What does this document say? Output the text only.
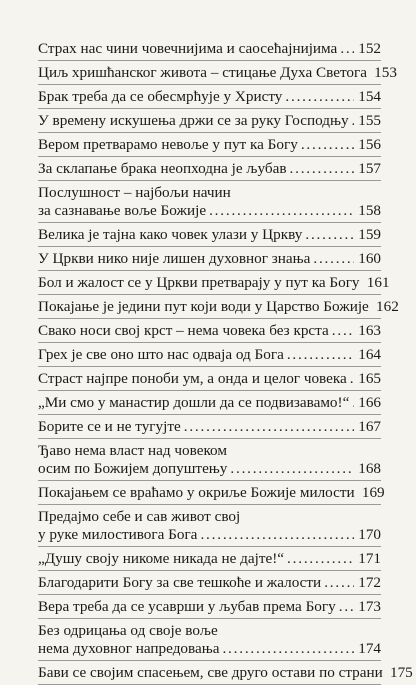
Страх нас чини човечнијима и саосећајнијима . . . 152
Циљ хришћанског живота – стицање Духа Светога 153
Брак треба да се обесмрћује у Христу . . .	154
У времену искушења држи се за руку Господњу . . . 155
Вером претварамо невоље у пут ка Богу . . .	156
За склапање брака неопходна је љубав . . .	157
Послушност – најбољи начин
за сазнавање воље Божије . . .	158
Велика је тајна како човек улази у Цркву . . .	159
У Цркви нико није лишен духовног знања . . .	160
Бол и жалост се у Цркви претварају у пут ка Богу 161
Покајање је једини пут који води у Царство Божије 162
Свако носи свој крст – нема човека без крста . . . 163
Грех је све оно што нас одваја од Бога . . .	164
Страст најпре поноби ум, а онда и целог човека . . . 165
„Ми смо у манастир дошли да се подвизавамо!“ . . . 166
Борите се и не тугујте . . .	167
Ђаво нема власт над човеком
осим по Божијем допуштењу . . .	168
Покајањем се враћамо у окриље Божије милости 169
Предајмо себе и сав живот свој
у руке милостивога Бога . . .	170
„Душу своју никоме никада не дајте!“ . . .	171
Благодарити Богу за све тешкоће и жалости . . . 172
Вера треба да се усаврши у љубав према Богу . . . 173
Без одрицања од своје воље
нема духовног напредовања . . .	174
Бави се својим спасењем, све друго остави по страни 175
